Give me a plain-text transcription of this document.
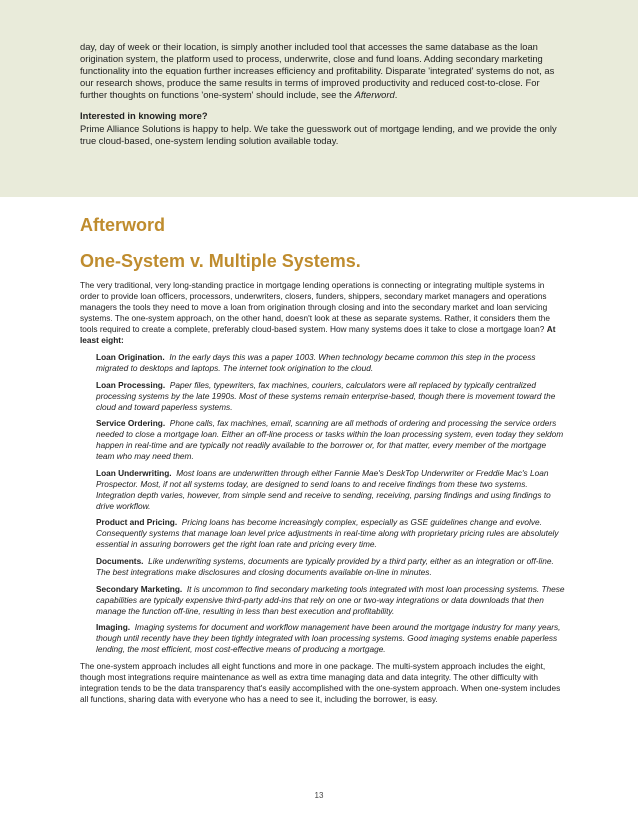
day, day of week or their location, is simply another included tool that accesses the same database as the loan origination system, the platform used to process, underwrite, close and fund loans. Adding secondary marketing functionality into the equation further increases efficiency and profitability. Disparate 'integrated' systems do not, as our research shows, produce the same results in terms of improved productivity and reduced cost-to-close. For further thoughts on functions 'one-system' should include, see the Afterword.

Interested in knowing more?

Prime Alliance Solutions is happy to help. We take the guesswork out of mortgage lending, and we provide the only true cloud-based, one-system lending solution available today.

Afterword
One-System v. Multiple Systems.

The very traditional, very long-standing practice in mortgage lending operations is connecting or integrating multiple systems in order to provide loan officers, processors, underwriters, closers, funders, shippers, secondary market managers and operations managers the tools they need to move a loan from origination through closing and into the secondary market and loan servicing systems. The one-system approach, on the other hand, doesn't look at these as separate systems. Rather, it considers them the tools required to create a complete, preferably cloud-based system. How many systems does it take to close a mortgage loan? At least eight:

Loan Origination. In the early days this was a paper 1003. When technology became common this step in the process migrated to desktops and laptops. The internet took origination to the cloud.
Loan Processing. Paper files, typewriters, fax machines, couriers, calculators were all replaced by typically centralized processing systems by the late 1990s. Most of these systems remain enterprise-based, though there is movement toward the cloud and toward paperless systems.
Service Ordering. Phone calls, fax machines, email, scanning are all methods of ordering and processing the service orders needed to close a mortgage loan. Either an off-line process or tasks within the loan processing system, even today they seldom happen in real-time and are typically not readily available to the borrower or, for that matter, every member of the mortgage team who may need them.
Loan Underwriting. Most loans are underwritten through either Fannie Mae's DeskTop Underwriter or Freddie Mac's Loan Prospector. Most, if not all systems today, are designed to send loans to and receive findings from these two systems. Integration depth varies, however, from simple send and receive to sending, receiving, parsing findings and using findings to drive workflow.
Product and Pricing. Pricing loans has become increasingly complex, especially as GSE guidelines change and evolve. Consequently systems that manage loan level price adjustments in real-time along with proprietary pricing rules are absolutely essential in assuring borrowers get the right loan rate and pricing every time.
Documents. Like underwriting systems, documents are typically provided by a third party, either as an integration or off-line. The best integrations make disclosures and closing documents available on-line in minutes.
Secondary Marketing. It is uncommon to find secondary marketing tools integrated with most loan processing systems. These capabilities are typically expensive third-party add-ins that rely on one or two-way integrations or data downloads that then manage the function off-line, resulting in less than best execution and profitability.
Imaging. Imaging systems for document and workflow management have been around the mortgage industry for many years, though until recently have they been tightly integrated with loan processing systems. Good imaging systems enable paperless lending, the most efficient, most cost-effective means of producing a mortgage.

The one-system approach includes all eight functions and more in one package. The multi-system approach includes the eight, though most integrations require maintenance as well as extra time managing data and data integrity. The other difficulty with integration tends to be the data transparency that's easily accomplished with the one-system approach. When one-system includes all functions, sharing data with everyone who has a need to see it, including the borrower, is easy.

13
